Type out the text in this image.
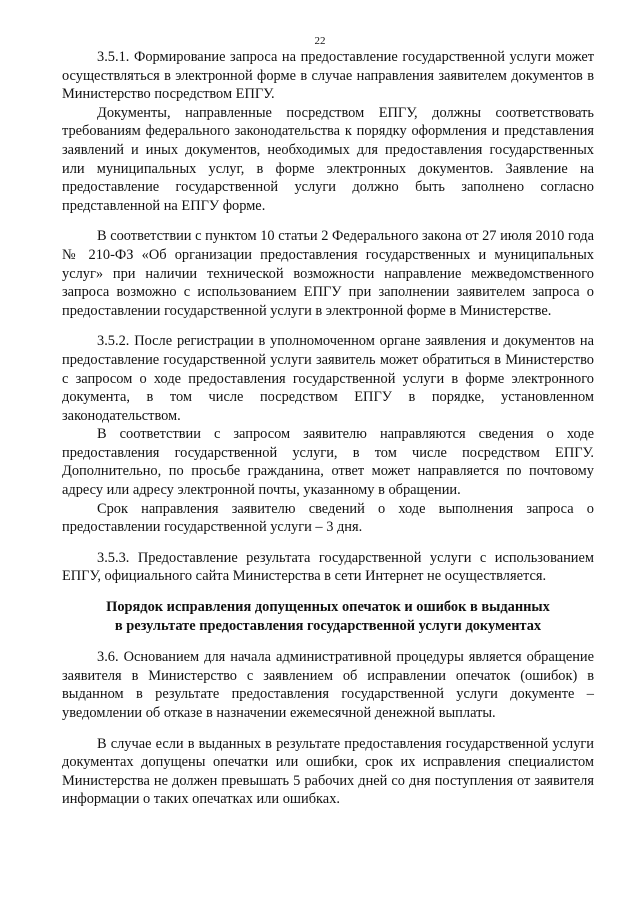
22

3.5.1. Формирование запроса на предоставление государственной услуги может осуществляться в электронной форме в случае направления заявителем документов в Министерство посредством ЕПГУ.

Документы, направленные посредством ЕПГУ, должны соответствовать требованиям федерального законодательства к порядку оформления и представления заявлений и иных документов, необходимых для предоставления государственных или муниципальных услуг, в форме электронных документов. Заявление на предоставление государственной услуги должно быть заполнено согласно представленной на ЕПГУ форме.

В соответствии с пунктом 10 статьи 2 Федерального закона от 27 июля 2010 года № 210-ФЗ «Об организации предоставления государственных и муниципальных услуг» при наличии технической возможности направление межведомственного запроса возможно с использованием ЕПГУ при заполнении заявителем запроса о предоставлении государственной услуги в электронной форме в Министерстве.

3.5.2. После регистрации в уполномоченном органе заявления и документов на предоставление государственной услуги заявитель может обратиться в Министерство с запросом о ходе предоставления государственной услуги в форме электронного документа, в том числе посредством ЕПГУ в порядке, установленном законодательством.

В соответствии с запросом заявителю направляются сведения о ходе предоставления государственной услуги, в том числе посредством ЕПГУ. Дополнительно, по просьбе гражданина, ответ может направляется по почтовому адресу или адресу электронной почты, указанному в обращении.

Срок направления заявителю сведений о ходе выполнения запроса о предоставлении государственной услуги – 3 дня.

3.5.3. Предоставление результата государственной услуги с использованием ЕПГУ, официального сайта Министерства в сети Интернет не осуществляется.

Порядок исправления допущенных опечаток и ошибок в выданных
в результате предоставления государственной услуги документах

3.6. Основанием для начала административной процедуры является обращение заявителя в Министерство с заявлением об исправлении опечаток (ошибок) в выданном в результате предоставления государственной услуги документе – уведомлении об отказе в назначении ежемесячной денежной выплаты.

В случае если в выданных в результате предоставления государственной услуги документах допущены опечатки или ошибки, срок их исправления специалистом Министерства не должен превышать 5 рабочих дней со дня поступления от заявителя информации о таких опечатках или ошибках.
